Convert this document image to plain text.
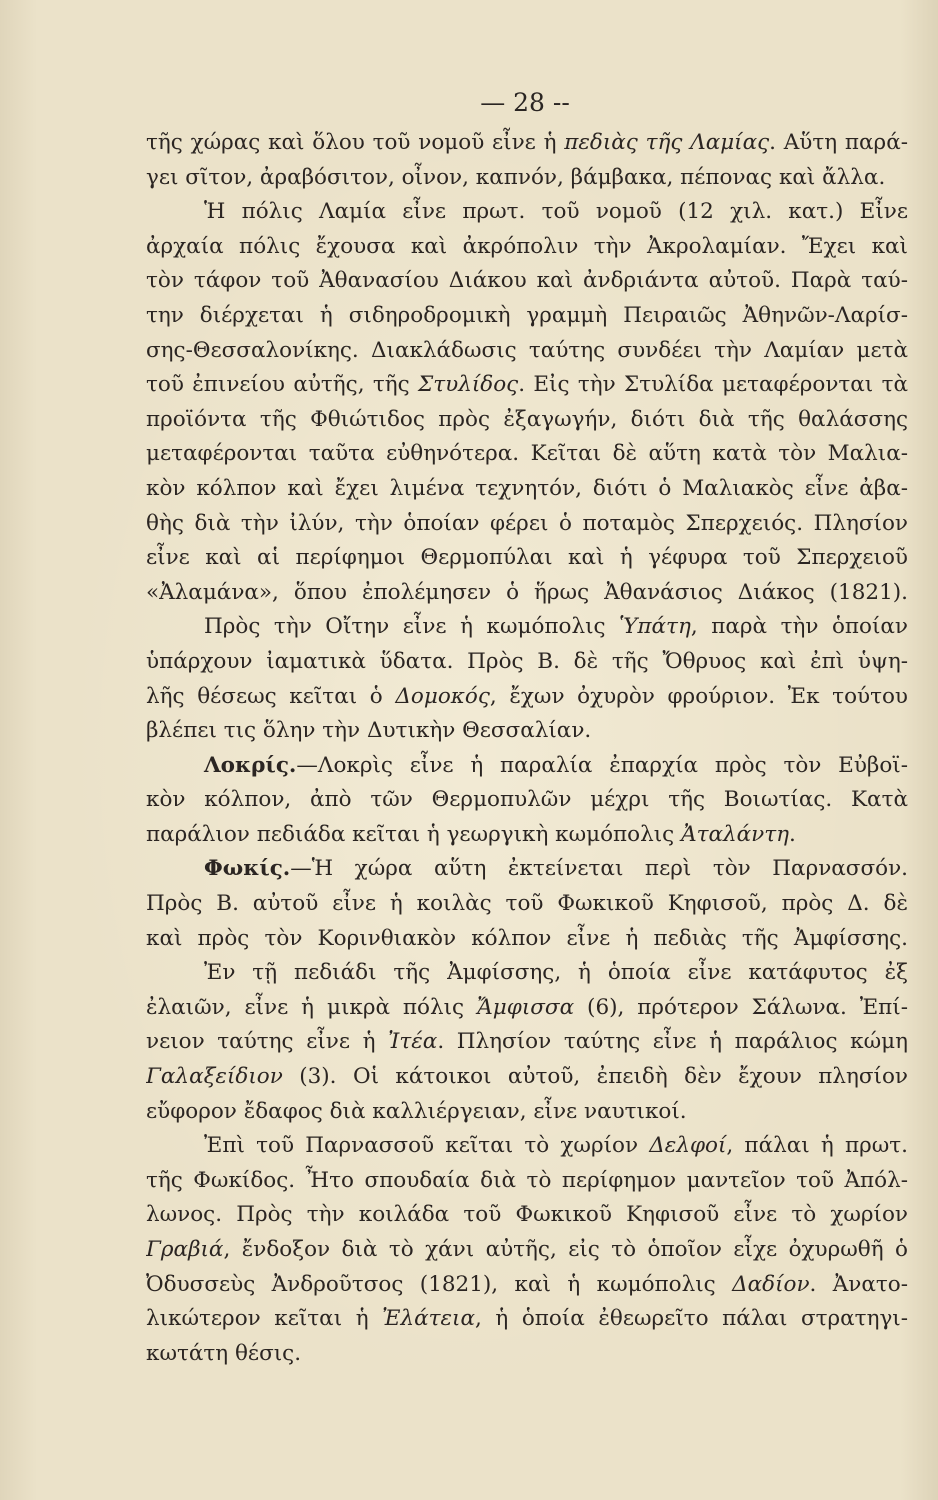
— 28 --
τῆς χώρας καὶ ὅλου τοῦ νομοῦ εἶνε ἡ πεδιὰς τῆς Λαμίας. Αὕτη παρά-
γει σῖτον, ἀραβόσιτον, οἶνον, καπνόν, βάμβακα, πέπονας καὶ ἄλλα.
Ἡ πόλις Λαμία εἶνε πρωτ. τοῦ νομοῦ (12 χιλ. κατ.) Εἶνε
ἀρχαία πόλις ἔχουσα καὶ ἀκρόπολιν τὴν Ἀκρολαμίαν. Ἔχει καὶ
τὸν τάφον τοῦ Ἀθανασίου Διάκου καὶ ἀνδριάντα αὐτοῦ. Παρὰ ταύ-
την διέρχεται ἡ σιδηροδρομικὴ γραμμὴ Πειραιῶς Ἀθηνῶν-Λαρίσ-
σης-Θεσσαλονίκης. Διακλάδωσις ταύτης συνδέει τὴν Λαμίαν μετὰ
τοῦ ἐπινείου αὐτῆς, τῆς Στυλίδος. Εἰς τὴν Στυλίδα μεταφέρονται τὰ
προϊόντα τῆς Φθιώτιδος πρὸς ἐξαγωγήν, διότι διὰ τῆς θαλάσσης
μεταφέρονται ταῦτα εὐθηνότερα. Κεῖται δὲ αὕτη κατὰ τὸν Μαλια-
κὸν κόλπον καὶ ἔχει λιμένα τεχνητόν, διότι ὁ Μαλιακὸς εἶνε ἀβα-
θὴς διὰ τὴν ἰλύν, τὴν ὁποίαν φέρει ὁ ποταμὸς Σπερχειός. Πλησίον
εἶνε καὶ αἱ περίφημοι Θερμοπύλαι καὶ ἡ γέφυρα τοῦ Σπερχειοῦ
«Ἀλαμάνα», ὅπου ἐπολέμησεν ὁ ἥρως Ἀθανάσιος Διάκος (1821).
Πρὸς τὴν Οἴτην εἶνε ἡ κωμόπολις Ὑπάτη, παρὰ τὴν ὁποίαν
ὑπάρχουν ἰαματικὰ ὕδατα. Πρὸς Β. δὲ τῆς Ὄθρυος καὶ ἐπὶ ὑψη-
λῆς θέσεως κεῖται ὁ Δομοκός, ἔχων ὀχυρὸν φρούριον. Ἐκ τούτου
βλέπει τις ὅλην τὴν Δυτικὴν Θεσσαλίαν.
Λοκρίς.—Λοκρὶς εἶνε ἡ παραλία ἐπαρχία πρὸς τὸν Εὐβοϊ-
κὸν κόλπον, ἀπὸ τῶν Θερμοπυλῶν μέχρι τῆς Βοιωτίας. Κατὰ
παράλιον πεδιάδα κεῖται ἡ γεωργικὴ κωμόπολις Ἀταλάντη.
Φωκίς.—Ἡ χώρα αὕτη ἐκτείνεται περὶ τὸν Παρνασσόν.
Πρὸς Β. αὐτοῦ εἶνε ἡ κοιλὰς τοῦ Φωκικοῦ Κηφισοῦ, πρὸς Δ. δὲ
καὶ πρὸς τὸν Κορινθιακὸν κόλπον εἶνε ἡ πεδιὰς τῆς Ἀμφίσσης.
Ἐν τῇ πεδιάδι τῆς Ἀμφίσσης, ἡ ὁποία εἶνε κατάφυτος ἐξ
ἐλαιῶν, εἶνε ἡ μικρὰ πόλις Ἄμφισσα (6), πρότερον Σάλωνα. Ἐπί-
νειον ταύτης εἶνε ἡ Ἰτέα. Πλησίον ταύτης εἶνε ἡ παράλιος κώμη
Γαλαξείδιον (3). Οἱ κάτοικοι αὐτοῦ, ἐπειδὴ δὲν ἔχουν πλησίον
εὔφορον ἔδαφος διὰ καλλιέργειαν, εἶνε ναυτικοί.
Ἐπὶ τοῦ Παρνασσοῦ κεῖται τὸ χωρίον Δελφοί, πάλαι ἡ πρωτ.
τῆς Φωκίδος. Ἦτο σπουδαία διὰ τὸ περίφημον μαντεῖον τοῦ Ἀπόλ-
λωνος. Πρὸς τὴν κοιλάδα τοῦ Φωκικοῦ Κηφισοῦ εἶνε τὸ χωρίον
Γραβιά, ἔνδοξον διὰ τὸ χάνι αὐτῆς, εἰς τὸ ὁποῖον εἶχε ὀχυρωθῆ ὁ
Ὀδυσσεὺς Ἀνδροῦτσος (1821), καὶ ἡ κωμόπολις Δαδίον. Ἀνατο-
λικώτερον κεῖται ἡ Ἐλάτεια, ἡ ὁποία ἐθεωρεῖτο πάλαι στρατηγι-
κωτάτη θέσις.
